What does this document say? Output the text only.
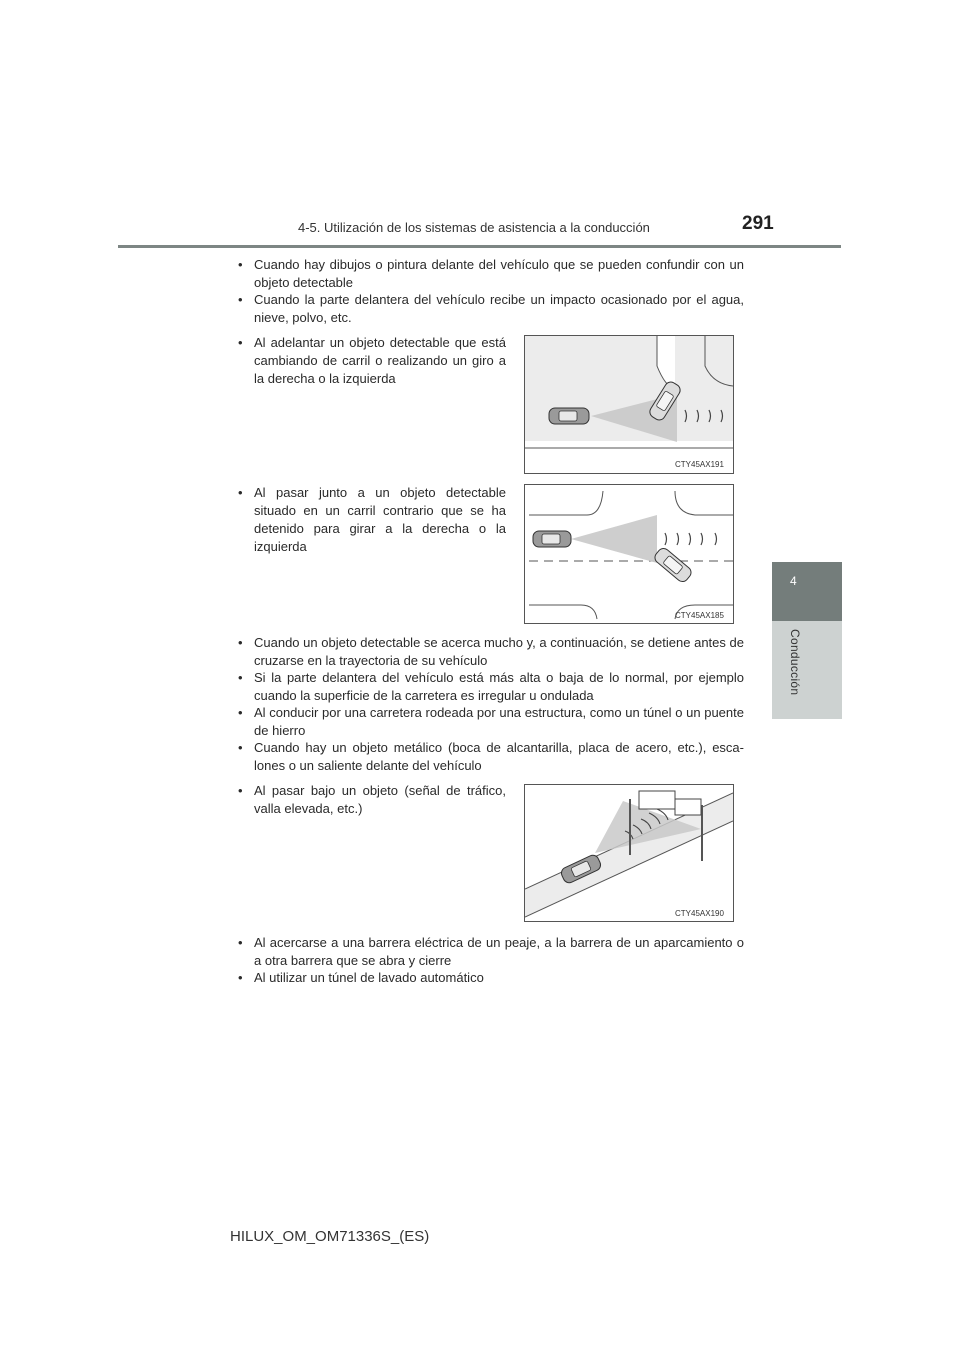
4-5. Utilización de los sistemas de asistencia a la conducción	291
4
Conducción
• Cuando hay dibujos o pintura delante del vehículo que se pueden confundir con un objeto detectable
• Cuando la parte delantera del vehículo recibe un impacto ocasionado por el agua, nieve, polvo, etc.
• Al adelantar un objeto detectable que está cambiando de carril o realizando un giro a la derecha o la izquierda
CTY45AX191
• Al pasar junto a un objeto detectable situado en un carril contrario que se ha detenido para girar a la derecha o la izquierda
CTY45AX185
• Cuando un objeto detectable se acerca mucho y, a continuación, se detiene antes de cruzarse en la trayectoria de su vehículo
• Si la parte delantera del vehículo está más alta o baja de lo normal, por ejemplo cuando la superficie de la carretera es irregular u ondulada
• Al conducir por una carretera rodeada por una estructura, como un túnel o un puente de hierro
• Cuando hay un objeto metálico (boca de alcantarilla, placa de acero, etc.), esca-lones o un saliente delante del vehículo
• Al pasar bajo un objeto (señal de tráfico, valla elevada, etc.)
CTY45AX190
• Al acercarse a una barrera eléctrica de un peaje, a la barrera de un aparcamiento o a otra barrera que se abra y cierre
• Al utilizar un túnel de lavado automático
HILUX_OM_OM71336S_(ES)
